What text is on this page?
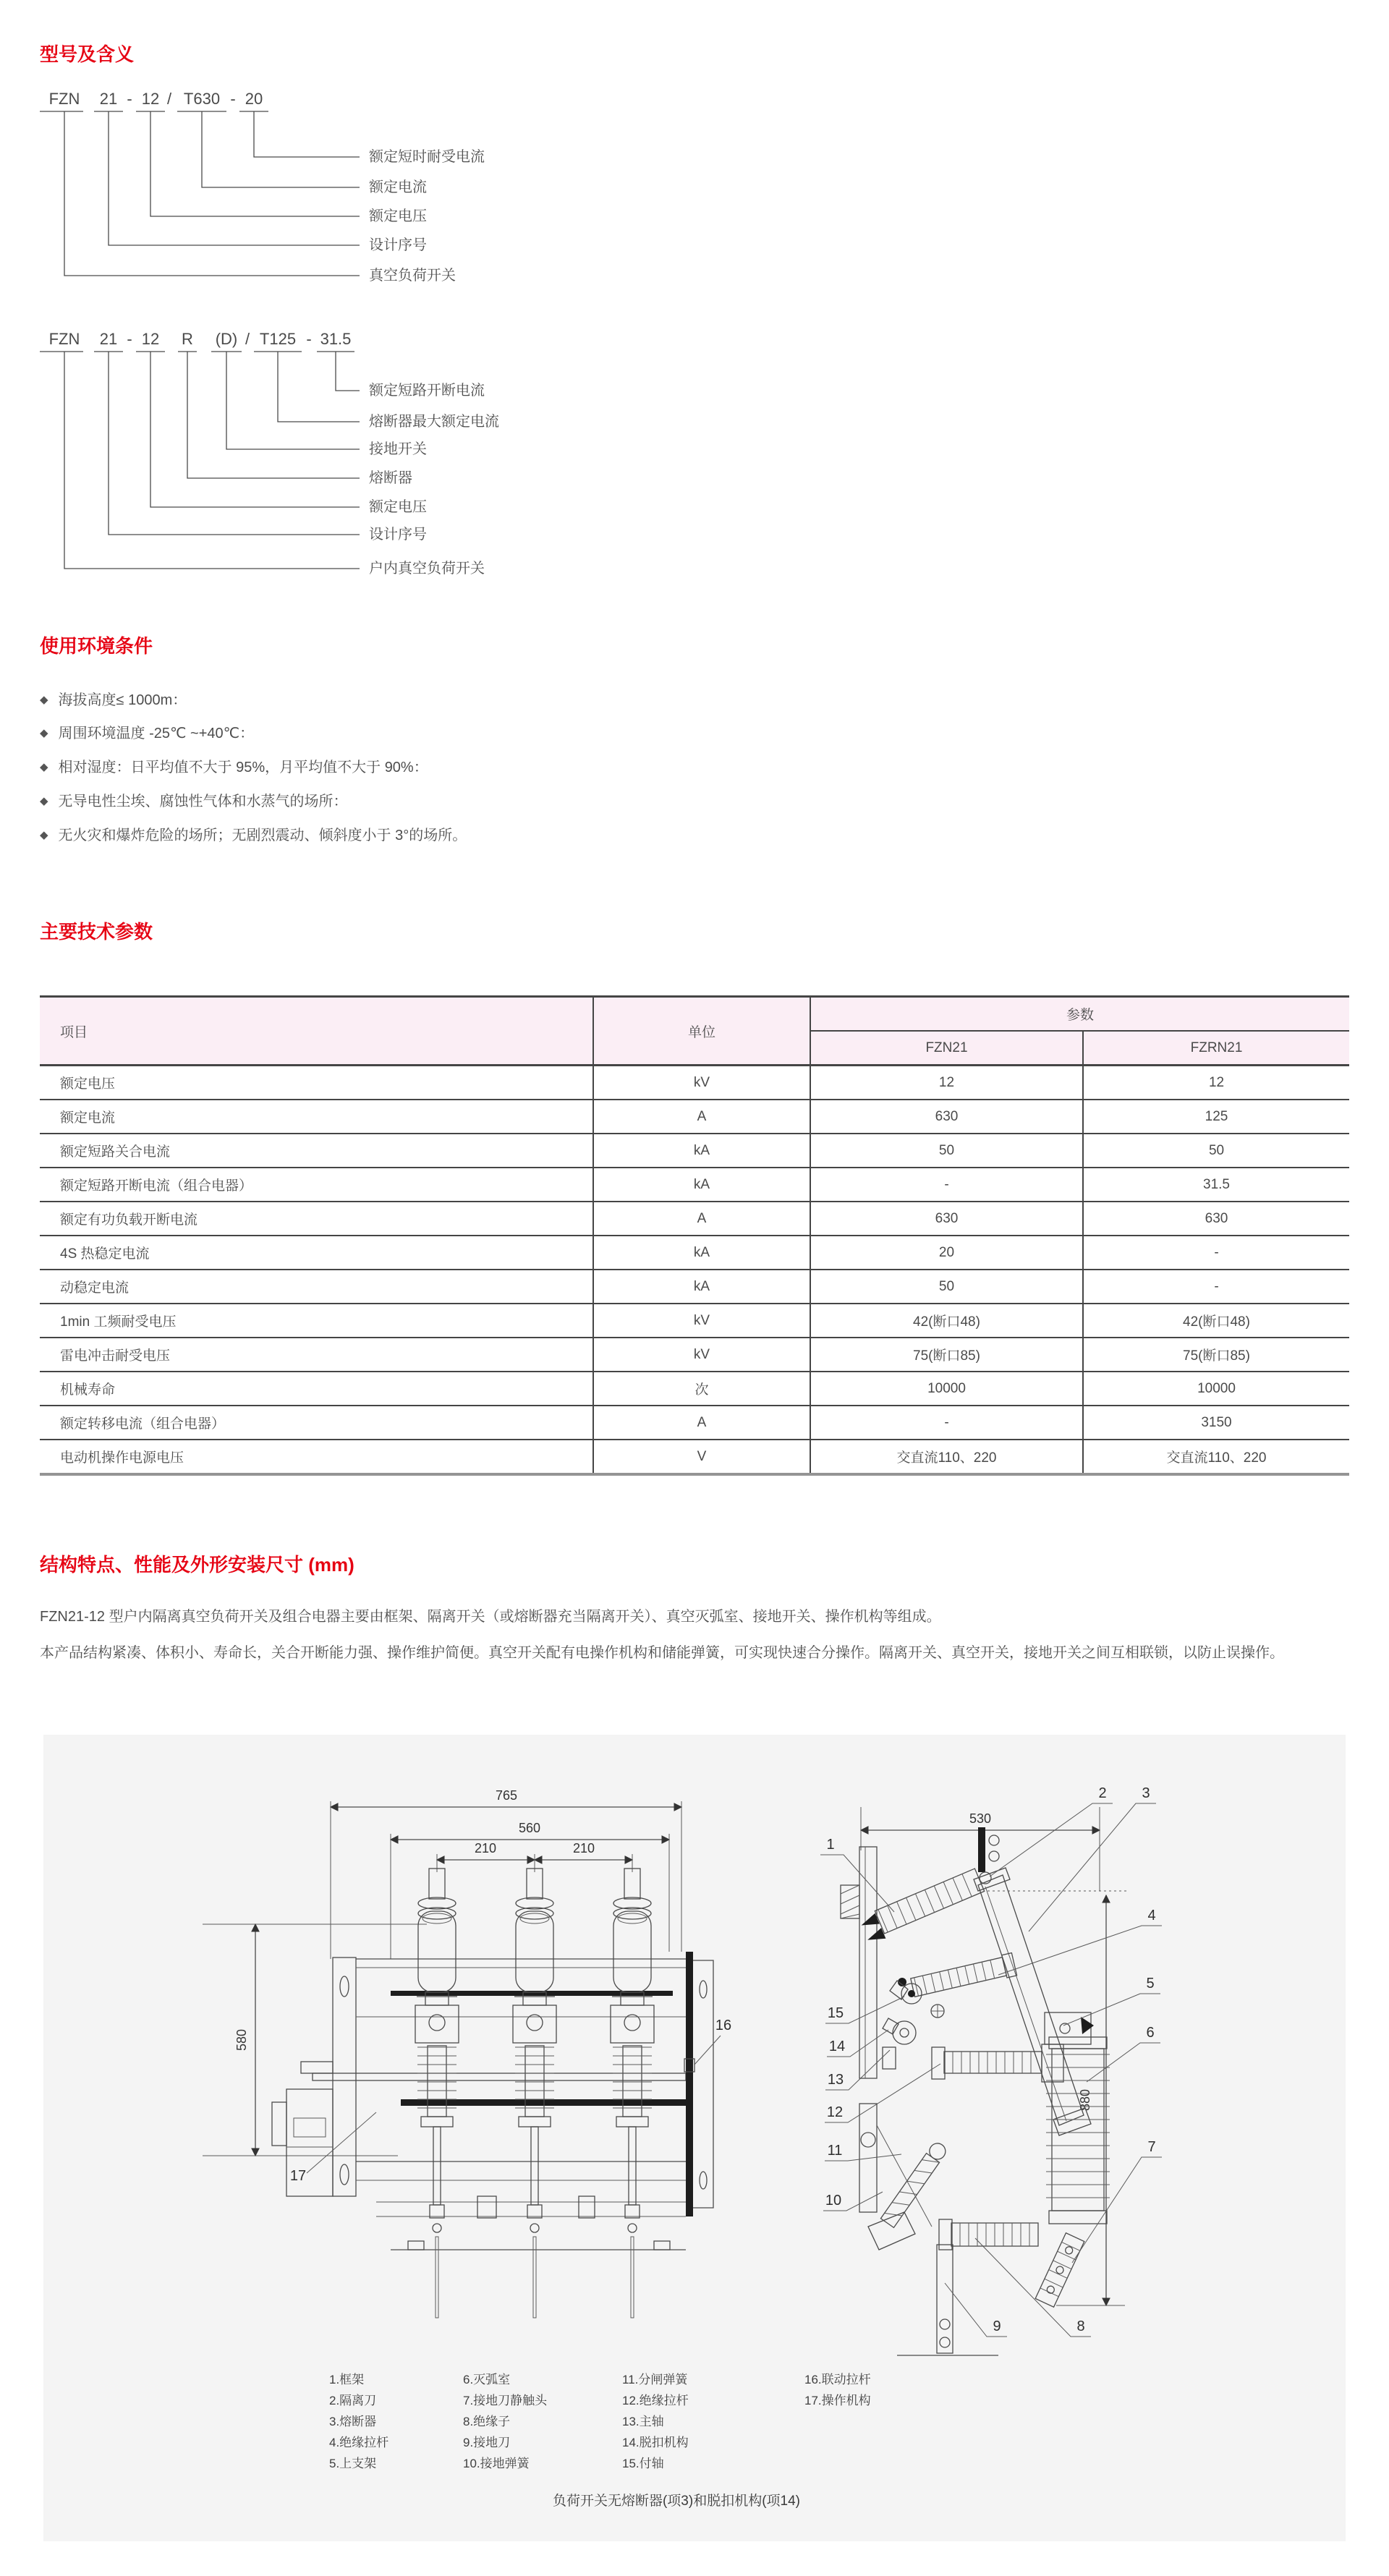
型号及含义
FZN 21 - 12 / T630 - 20
额定短时耐受电流
额定电流
额定电压
设计序号
真空负荷开关
FZN 21 - 12 R (D) / T125 - 31.5
额定短路开断电流
熔断器最大额定电流
接地开关
熔断器
额定电压
设计序号
户内真空负荷开关
使用环境条件
◆ 海拔高度≤ 1000m：
◆ 周围环境温度 -25℃ ~+40℃：
◆ 相对湿度：日平均值不大于 95%，月平均值不大于 90%：
◆ 无导电性尘埃、腐蚀性气体和水蒸气的场所：
◆ 无火灾和爆炸危险的场所；无剧烈震动、倾斜度小于 3°的场所。
主要技术参数
项目	单位	参数	
		FZN21	FZRN21
额定电压	kV	12	12
额定电流	A	630	125
额定短路关合电流	kA	50	50
额定短路开断电流（组合电器）	kA	-	31.5
额定有功负载开断电流	A	630	630
4S 热稳定电流	kA	20	-
动稳定电流	kA	50	-
1min 工频耐受电压	kV	42(断口48)	42(断口48)
雷电冲击耐受电压	kV	75(断口85)	75(断口85)
机械寿命	次	10000	10000
额定转移电流（组合电器）	A	-	3150
电动机操作电源电压	V	交直流110、220	交直流110、220
结构特点、性能及外形安装尺寸 (mm)
FZN21-12 型户内隔离真空负荷开关及组合电器主要由框架、隔离开关（或熔断器充当隔离开关）、真空灭弧室、接地开关、操作机构等组成。
本产品结构紧凑、体积小、寿命长，关合开断能力强、操作维护简便。真空开关配有电操作机构和储能弹簧，可实现快速合分操作。隔离开关、真空开关，接地开关之间互相联锁，以防止误操作。
765
560
210	210
580
16
17
530
880
1
2 3
4
5
6
7
8
9
10
11
12
13
14
15
1.框架
2.隔离刀
3.熔断器
4.绝缘拉杆
5.上支架
6.灭弧室
7.接地刀静触头
8.绝缘子
9.接地刀
10.接地弹簧
11.分闸弹簧
12.绝缘拉杆
13.主轴
14.脱扣机构
15.付轴
16.联动拉杆
17.操作机构
负荷开关无熔断器(项3)和脱扣机构(项14)
